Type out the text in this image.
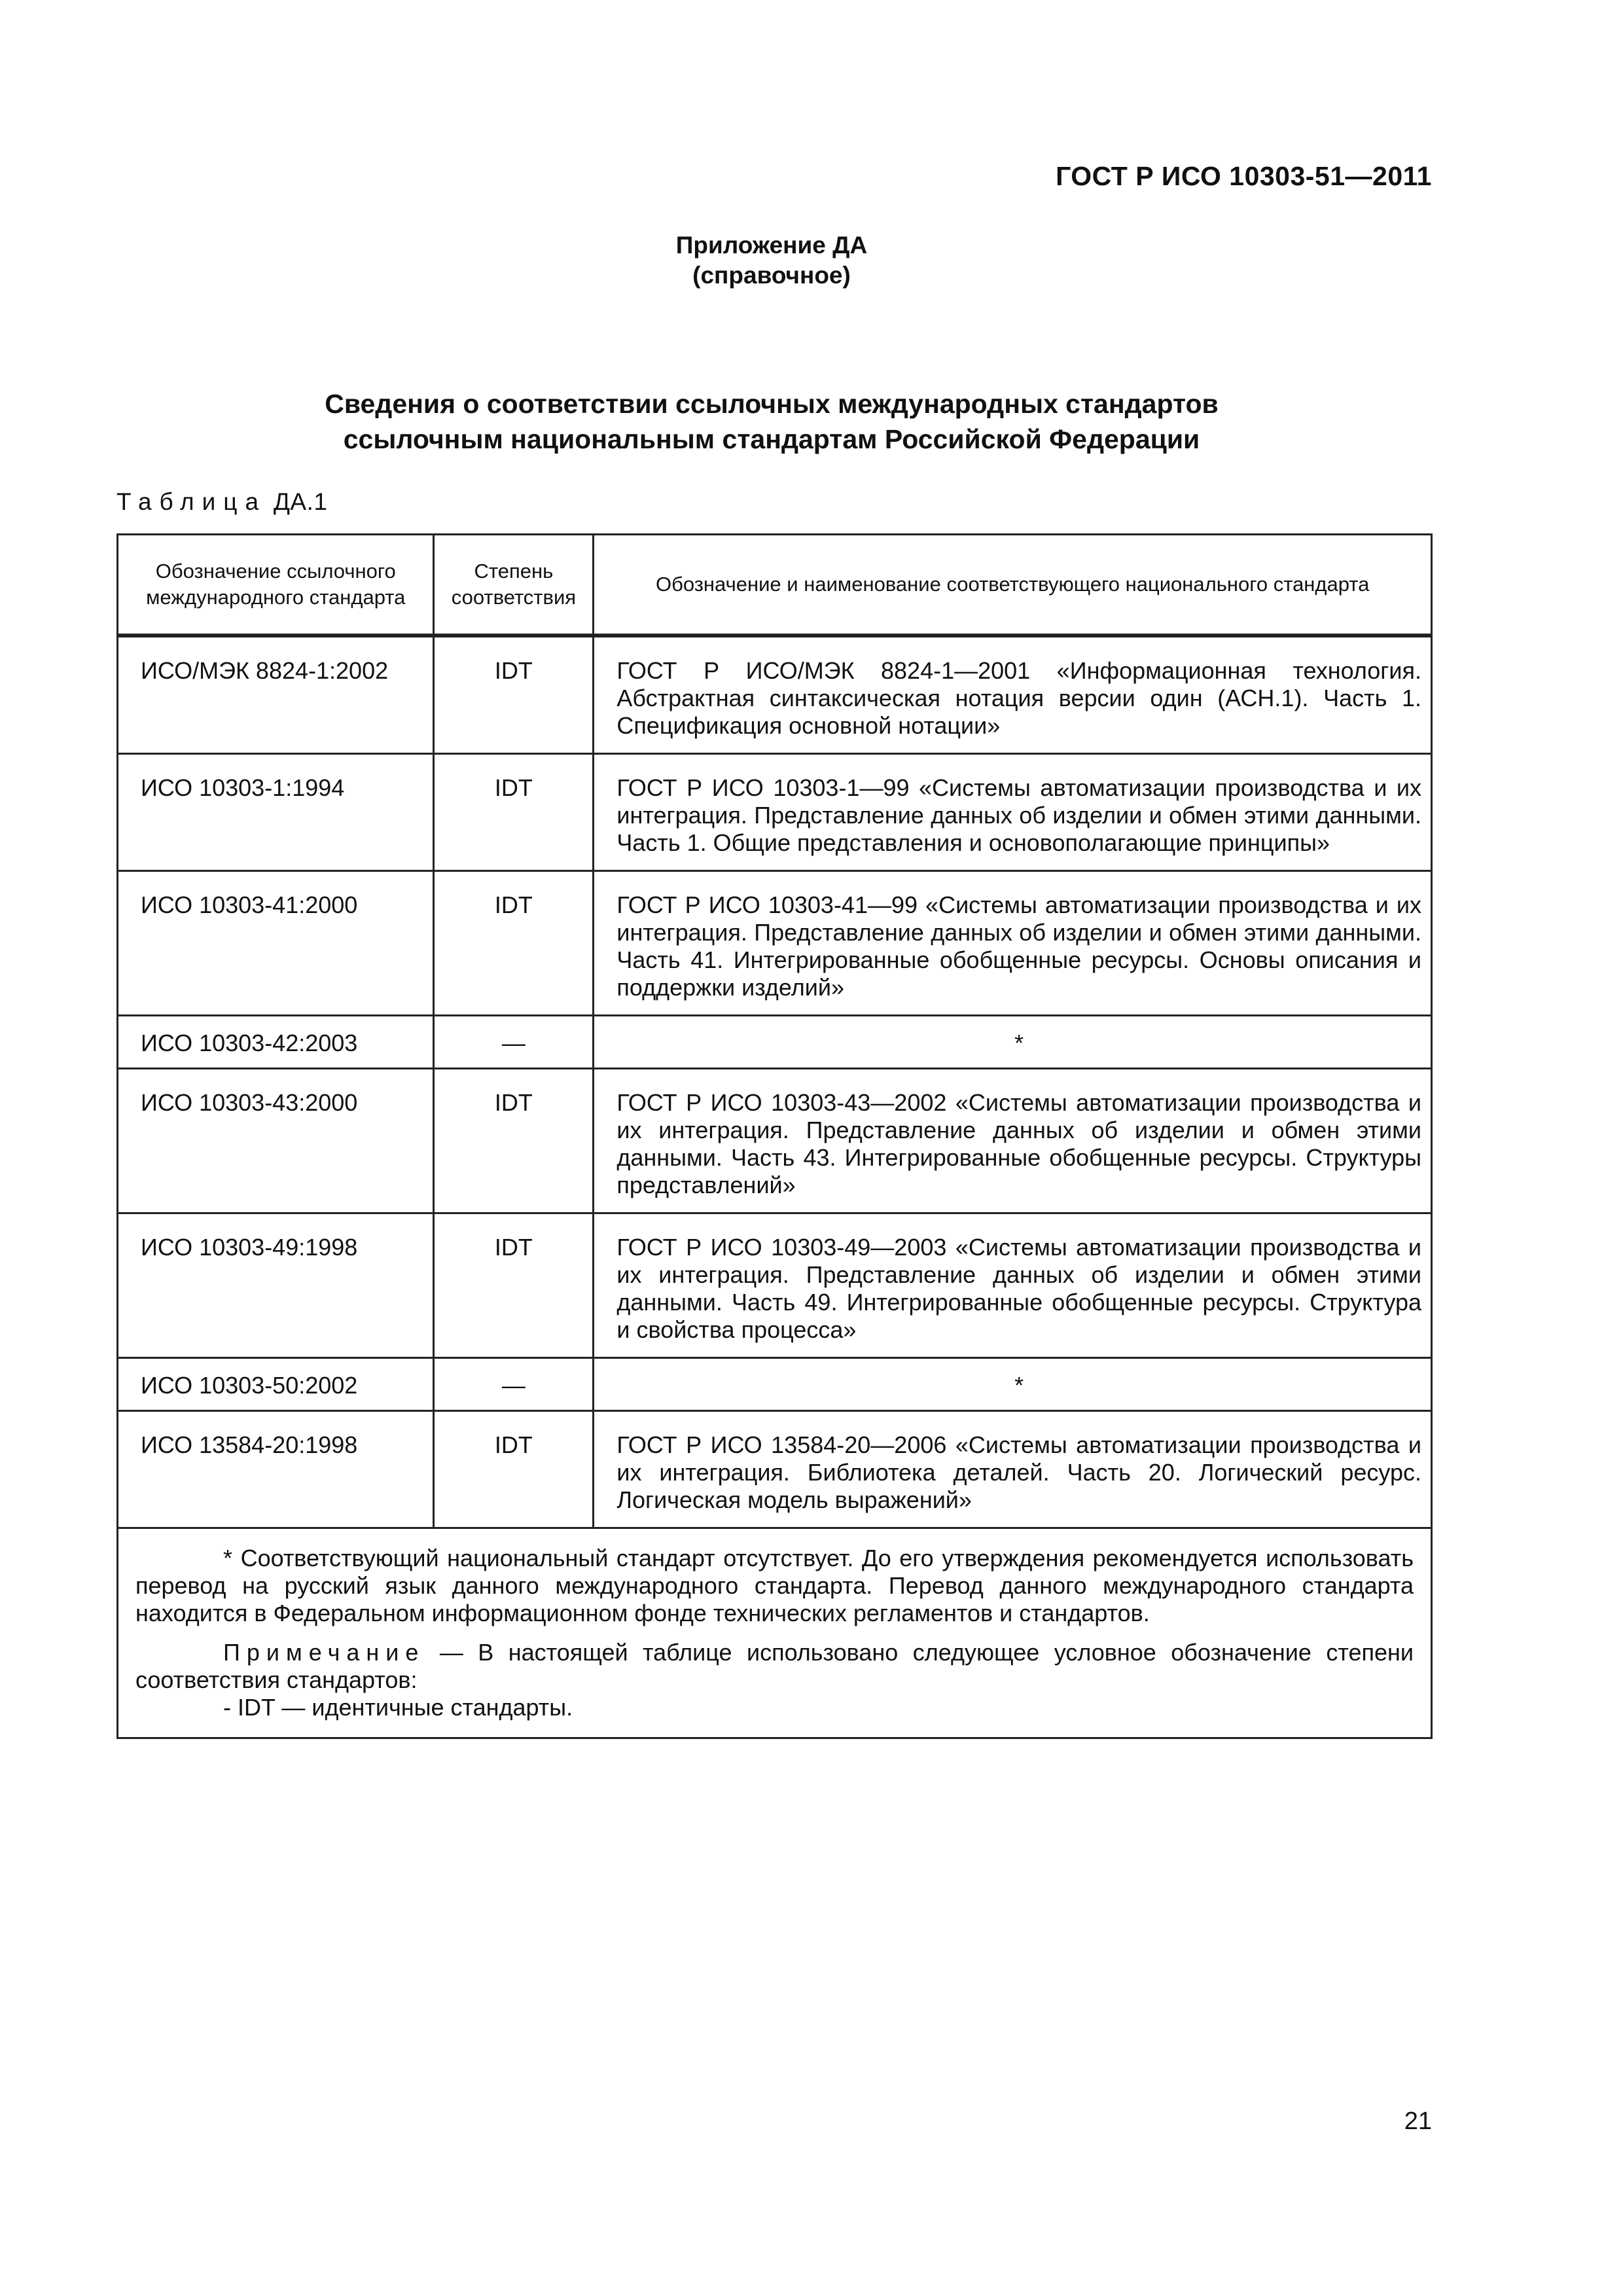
ГОСТ Р ИСО 10303-51—2011
Приложение ДА
(справочное)
Сведения о соответствии ссылочных международных стандартов
ссылочным национальным стандартам Российской Федерации
Таблица ДА.1
Обозначение ссылочного международного стандарта	Степень соответствия	Обозначение и наименование соответствующего национального стандарта
ИСО/МЭК 8824-1:2002	IDT	ГОСТ Р ИСО/МЭК 8824-1—2001 «Информационная технология. Абстрактная синтаксическая нотация версии один (АСН.1). Часть 1. Спецификация основной нотации»
ИСО 10303-1:1994	IDT	ГОСТ Р ИСО 10303-1—99 «Системы автоматизации производства и их интеграция. Представление данных об изделии и обмен этими данными. Часть 1. Общие представления и основополагающие принципы»
ИСО 10303-41:2000	IDT	ГОСТ Р ИСО 10303-41—99 «Системы автоматизации производства и их интеграция. Представление данных об изделии и обмен этими данными. Часть 41. Интегрированные обобщенные ресурсы. Основы описания и поддержки изделий»
ИСО 10303-42:2003	—	*
ИСО 10303-43:2000	IDT	ГОСТ Р ИСО 10303-43—2002 «Системы автоматизации производства и их интеграция. Представление данных об изделии и обмен этими данными. Часть 43. Интегрированные обобщенные ресурсы. Структуры представлений»
ИСО 10303-49:1998	IDT	ГОСТ Р ИСО 10303-49—2003 «Системы автоматизации производства и их интеграция. Представление данных об изделии и обмен этими данными. Часть 49. Интегрированные обобщенные ресурсы. Структура и свойства процесса»
ИСО 10303-50:2002	—	*
ИСО 13584-20:1998	IDT	ГОСТ Р ИСО 13584-20—2006 «Системы автоматизации производства и их интеграция. Библиотека деталей. Часть 20. Логический ресурс. Логическая модель выражений»

* Соответствующий национальный стандарт отсутствует. До его утверждения рекомендуется использовать перевод на русский язык данного международного стандарта. Перевод данного международного стандарта находится в Федеральном информационном фонде технических регламентов и стандартов.
Примечание — В настоящей таблице использовано следующее условное обозначение степени соответствия стандартов:
- IDT — идентичные стандарты.		
21
